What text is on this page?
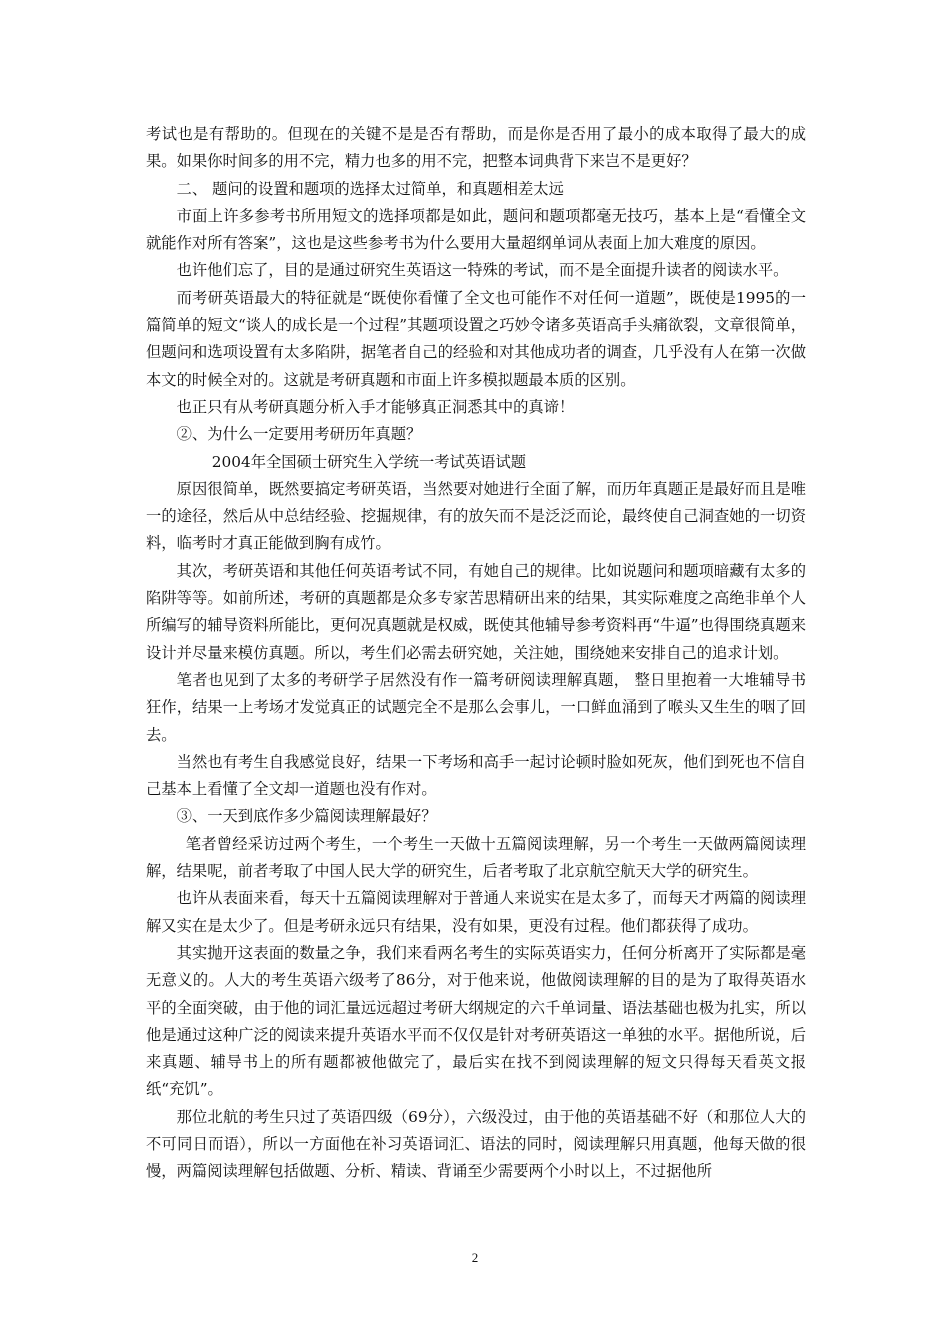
考试也是有帮助的。但现在的关键不是是否有帮助，而是你是否用了最小的成本取得了最大的成果。如果你时间多的用不完，精力也多的用不完，把整本词典背下来岂不是更好？

二、 题问的设置和题项的选择太过简单，和真题相差太远

市面上许多参考书所用短文的选择项都是如此，题问和题项都毫无技巧，基本上是“看懂全文就能作对所有答案”，这也是这些参考书为什么要用大量超纲单词从表面上加大难度的原因。

也许他们忘了，目的是通过研究生英语这一特殊的考试，而不是全面提升读者的阅读水平。

而考研英语最大的特征就是“既使你看懂了全文也可能作不对任何一道题”，既使是1995的一篇简单的短文“谈人的成长是一个过程”其题项设置之巧妙令诸多英语高手头痛欲裂，文章很简单，但题问和选项设置有太多陷阱，据笔者自己的经验和对其他成功者的调查，几乎没有人在第一次做本文的时候全对的。这就是考研真题和市面上许多模拟题最本质的区别。

也正只有从考研真题分析入手才能够真正洞悉其中的真谛！

②、为什么一定要用考研历年真题？

2004年全国硕士研究生入学统一考试英语试题

原因很简单，既然要搞定考研英语，当然要对她进行全面了解，而历年真题正是最好而且是唯一的途径，然后从中总结经验、挖掘规律，有的放矢而不是泛泛而论，最终使自己洞查她的一切资料，临考时才真正能做到胸有成竹。

其次，考研英语和其他任何英语考试不同，有她自己的规律。比如说题问和题项暗藏有太多的陷阱等等。如前所述，考研的真题都是众多专家苦思精研出来的结果，其实际难度之高绝非单个人所编写的辅导资料所能比，更何况真题就是权威，既使其他辅导参考资料再“牛逼”也得围绕真题来设计并尽量来模仿真题。所以，考生们必需去研究她，关注她，围绕她来安排自己的追求计划。

笔者也见到了太多的考研学子居然没有作一篇考研阅读理解真题， 整日里抱着一大堆辅导书狂作，结果一上考场才发觉真正的试题完全不是那么会事儿，一口鲜血涌到了喉头又生生的咽了回去。

当然也有考生自我感觉良好，结果一下考场和高手一起讨论顿时脸如死灰，他们到死也不信自己基本上看懂了全文却一道题也没有作对。

③、一天到底作多少篇阅读理解最好？

笔者曾经采访过两个考生，一个考生一天做十五篇阅读理解，另一个考生一天做两篇阅读理解，结果呢，前者考取了中国人民大学的研究生，后者考取了北京航空航天大学的研究生。

也许从表面来看，每天十五篇阅读理解对于普通人来说实在是太多了，而每天才两篇的阅读理解又实在是太少了。但是考研永远只有结果，没有如果，更没有过程。他们都获得了成功。

其实抛开这表面的数量之争，我们来看两名考生的实际英语实力，任何分析离开了实际都是毫无意义的。人大的考生英语六级考了86分，对于他来说，他做阅读理解的目的是为了取得英语水平的全面突破，由于他的词汇量远远超过考研大纲规定的六千单词量、语法基础也极为扎实，所以他是通过这种广泛的阅读来提升英语水平而不仅仅是针对考研英语这一单独的水平。据他所说，后来真题、辅导书上的所有题都被他做完了，最后实在找不到阅读理解的短文只得每天看英文报纸“充饥”。

那位北航的考生只过了英语四级（69分），六级没过，由于他的英语基础不好（和那位人大的不可同日而语），所以一方面他在补习英语词汇、语法的同时，阅读理解只用真题，他每天做的很慢，两篇阅读理解包括做题、分析、精读、背诵至少需要两个小时以上，不过据他所

2
